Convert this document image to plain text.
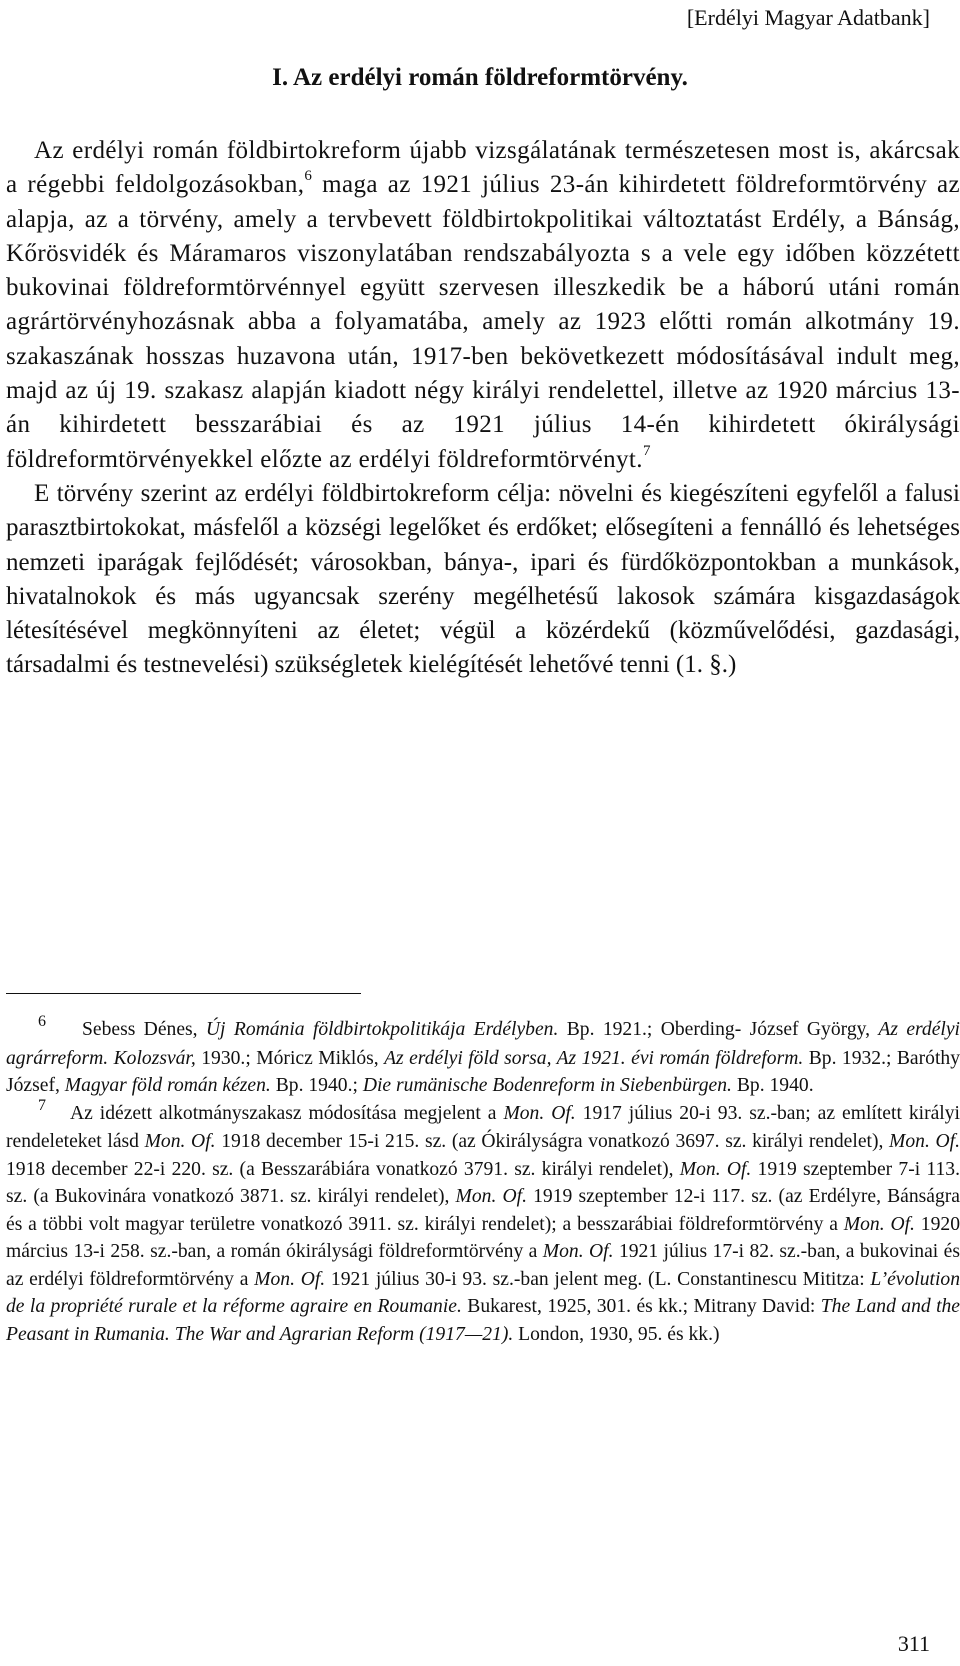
[Erdélyi Magyar Adatbank]
I. Az erdélyi román földreformtörvény.

Az erdélyi román földbirtokreform újabb vizsgálatának természetesen most is, akárcsak a régebbi feldolgozásokban,$^6$ maga az 1921 július 23-án kihirdetett földreformtörvény az alapja, az a törvény, amely a tervbevett földbirtokpolitikai változtatást Erdély, a Bánság, Kőrösvidék és Máramaros viszonylatában rendszabályozta s a vele egy időben közzétett bukovinai földreformtörvénnyel együtt szervesen illeszkedik be a háború utáni román agrártörvényhozásnak abba a folyamatába, amely az 1923 előtti román alkotmány 19. szakaszának hosszas huzavona után, 1917-ben bekövetkezett módosításával indult meg, majd az új 19. szakasz alapján kiadott négy királyi rendelettel, illetve az 1920 március 13-án kihirdetett besszarábiai és az 1921 július 14-én kihirdetett ókirálysági földreformtörvényekkel előzte az erdélyi földreformtörvényt.$^7$

E törvény szerint az erdélyi földbirtokreform célja: növelni és kiegészíteni egyfelől a falusi parasztbirtokokat, másfelől a községi legelőket és erdőket; elősegíteni a fennálló és lehetséges nemzeti iparágak fejlődését; városokban, bánya-, ipari és fürdőközpontokban a munkások, hivatalnokok és más ugyancsak szerény megélhetésű lakosok számára kisgazdaságok létesítésével megkönnyíteni az életet; végül a közérdekű (közművelődési, gazdasági, társadalmi és testnevelési) szükségletek kielégítését lehetővé tenni (1. §.)

$^6$ Sebess Dénes, Új Románia földbirtokpolitikája Erdélyben. Bp. 1921.; Oberding- József György, Az erdélyi agrárreform. Kolozsvár, 1930.; Móricz Miklós, Az erdélyi föld sorsa, Az 1921. évi román földreform. Bp. 1932.; Baróthy József, Magyar föld román kézen. Bp. 1940.; Die rumänische Bodenreform in Siebenbürgen. Bp. 1940.

$^7$ Az idézett alkotmányszakasz módosítása megjelent a Mon. Of. 1917 július 20-i 93. sz.-ban; az említett királyi rendeleteket lásd Mon. Of. 1918 december 15-i 215. sz. (az Ókirályságra vonatkozó 3697. sz. királyi rendelet), Mon. Of. 1918 december 22-i 220. sz. (a Besszarábiára vonatkozó 3791. sz. királyi rendelet), Mon. Of. 1919 szeptember 7-i 113. sz. (a Bukovinára vonatkozó 3871. sz. királyi rendelet), Mon. Of. 1919 szeptember 12-i 117. sz. (az Erdélyre, Bánságra és a többi volt magyar területre vonatkozó 3911. sz. királyi rendelet); a besszarábiai földreformtörvény a Mon. Of. 1920 március 13-i 258. sz.-ban, a román ókirálysági földreformtörvény a Mon. Of. 1921 július 17-i 82. sz.-ban, a bukovinai és az erdélyi földreformtörvény a Mon. Of. 1921 július 30-i 93. sz.-ban jelent meg. (L. Constantinescu Mititza: L’évolution de la propriété rurale et la réforme agraire en Roumanie. Bukarest, 1925, 301. és kk.; Mitrany David: The Land and the Peasant in Rumania. The War and Agrarian Reform (1917—21). London, 1930, 95. és kk.)

311
